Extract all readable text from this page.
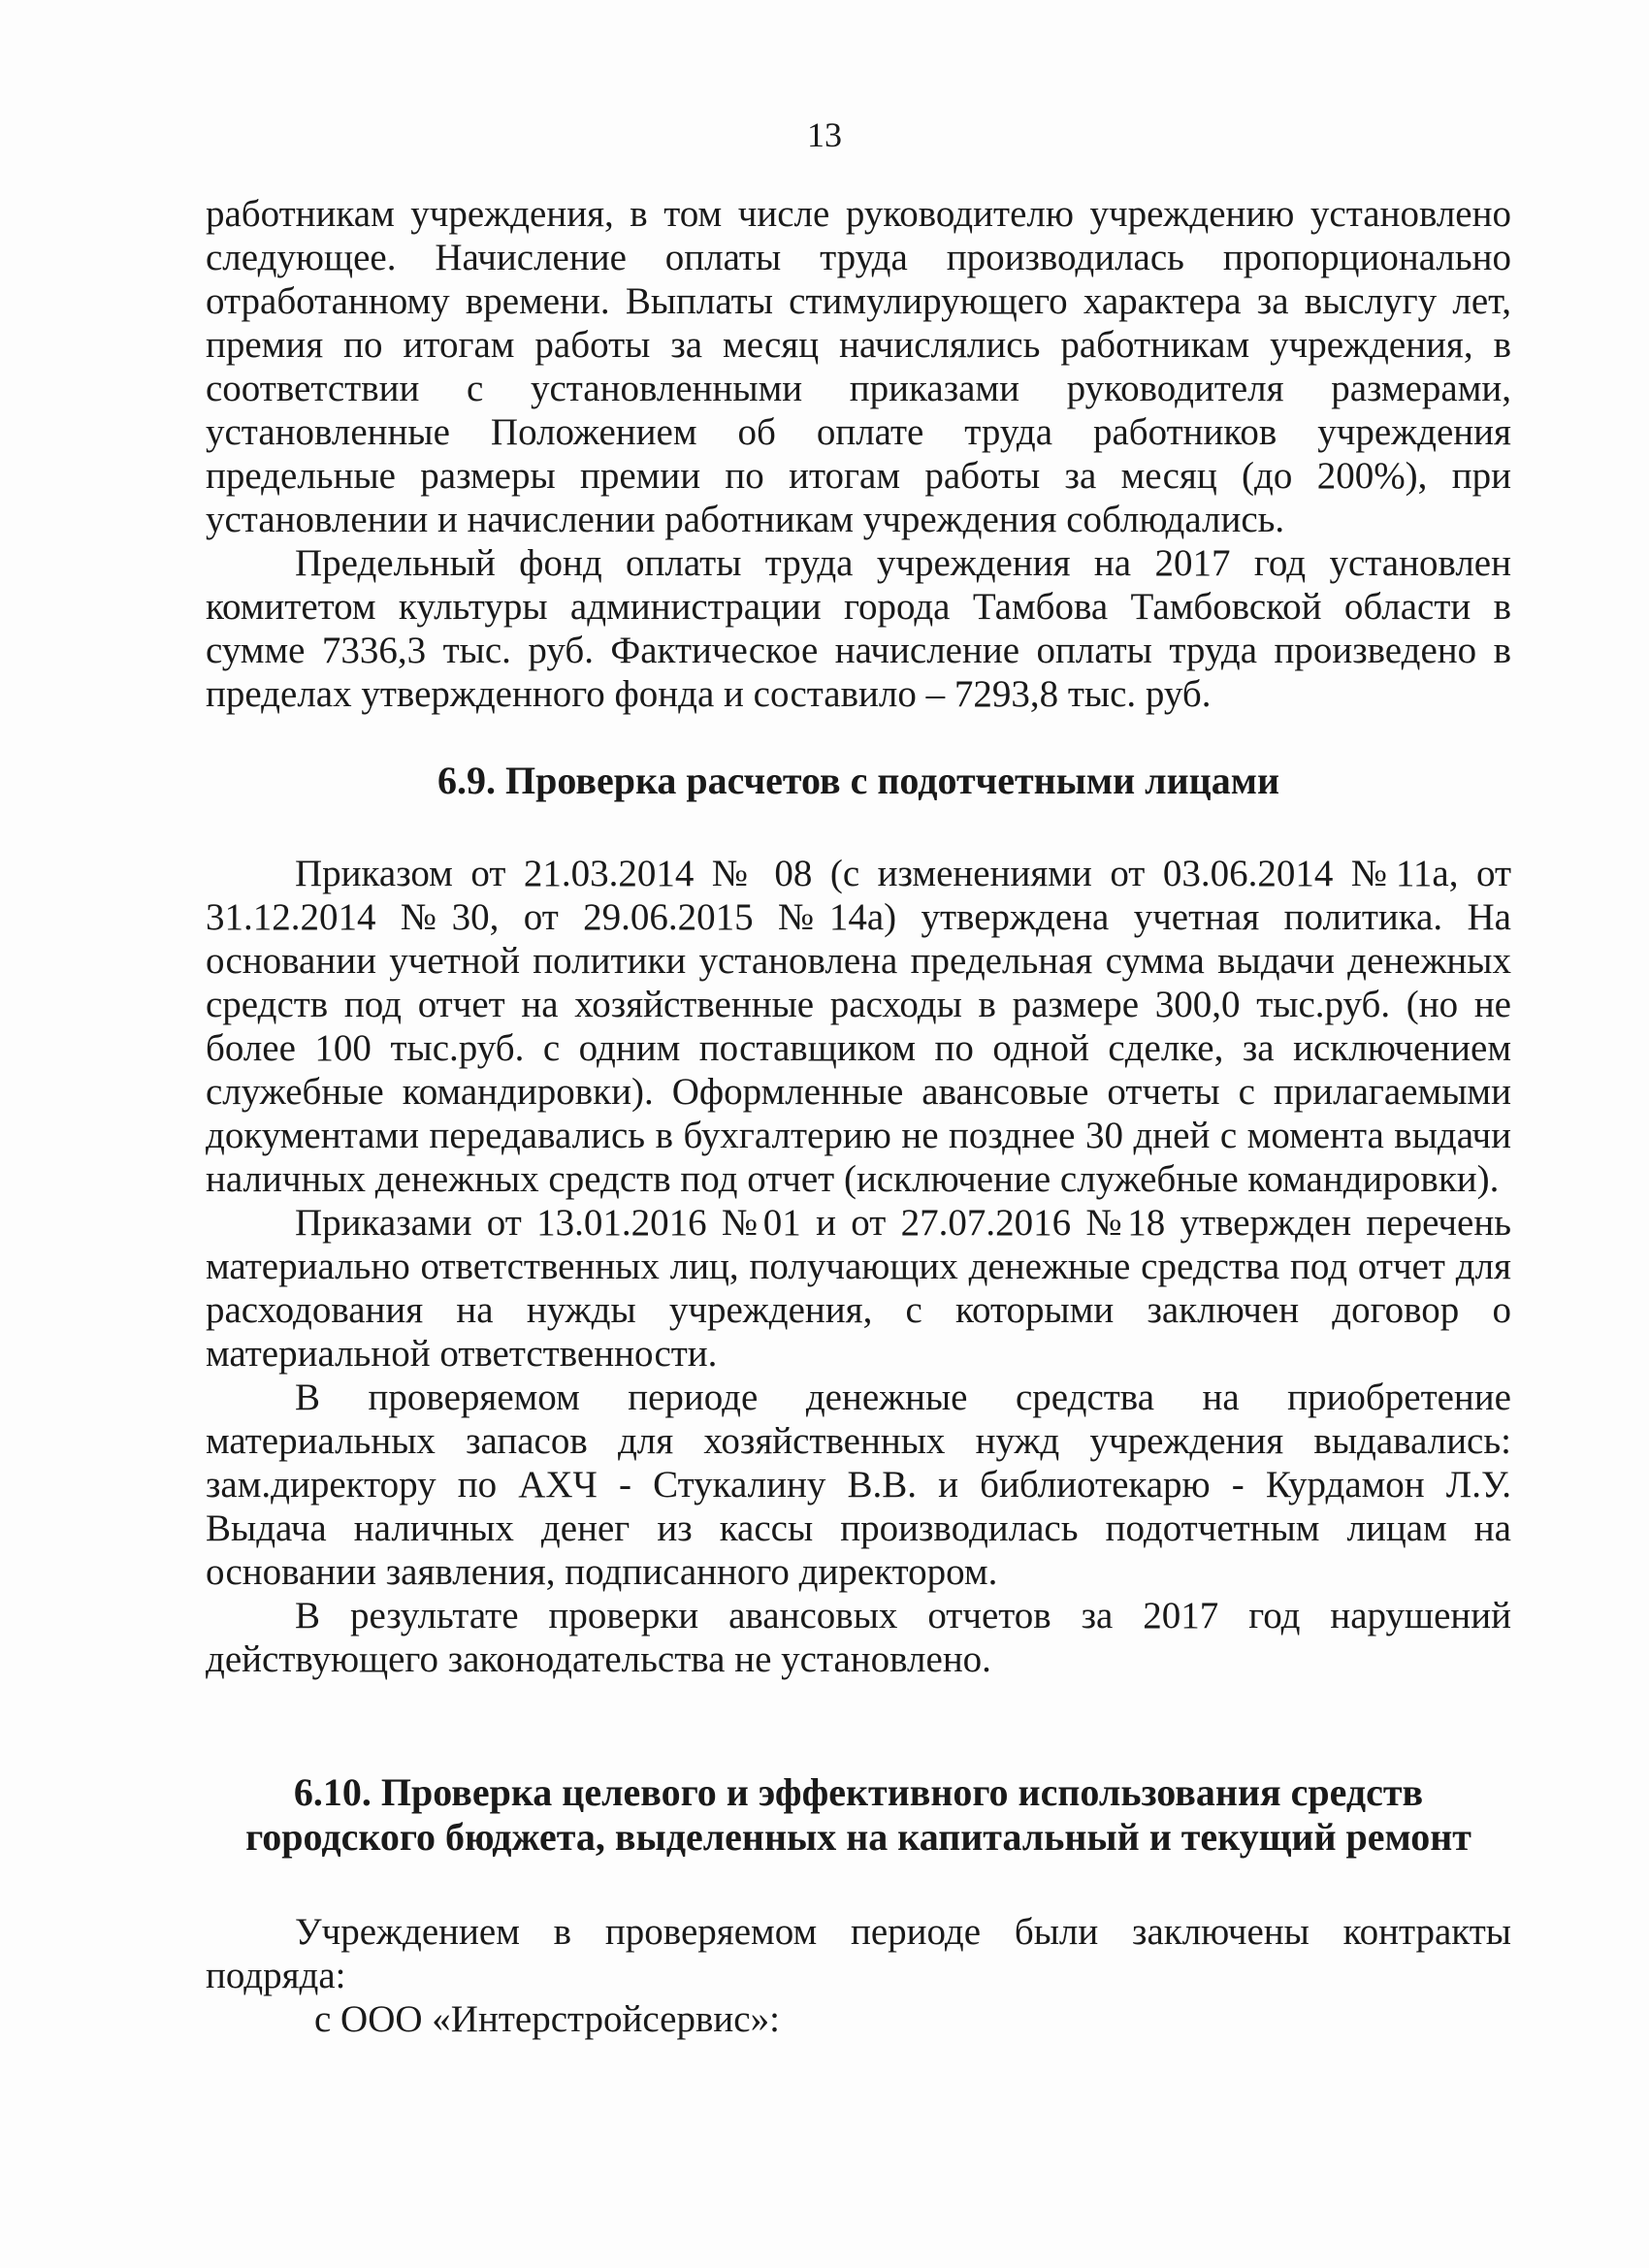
13

работникам учреждения, в том числе руководителю учреждению установлено следующее. Начисление оплаты труда производилась пропорционально отработанному времени. Выплаты стимулирующего характера за выслугу лет, премия по итогам работы за месяц начислялись работникам учреждения, в соответствии с установленными приказами руководителя размерами, установленные Положением об оплате труда работников учреждения предельные размеры премии по итогам работы за месяц (до 200%), при установлении и начислении работникам учреждения соблюдались.

Предельный фонд оплаты труда учреждения на 2017 год установлен комитетом культуры администрации города Тамбова Тамбовской области в сумме 7336,3 тыс. руб. Фактическое начисление оплаты труда произведено в пределах утвержденного фонда и составило – 7293,8 тыс. руб.

6.9. Проверка расчетов с подотчетными лицами

Приказом от 21.03.2014 № 08 (с изменениями от 03.06.2014 №11а, от 31.12.2014 №30, от 29.06.2015 №14а) утверждена учетная политика. На основании учетной политики установлена предельная сумма выдачи денежных средств под отчет на хозяйственные расходы в размере 300,0 тыс.руб. (но не более 100 тыс.руб. с одним поставщиком по одной сделке, за исключением служебные командировки). Оформленные авансовые отчеты с прилагаемыми документами передавались в бухгалтерию не позднее 30 дней с момента выдачи наличных денежных средств под отчет (исключение служебные командировки).

Приказами от 13.01.2016 №01 и от 27.07.2016 №18 утвержден перечень материально ответственных лиц, получающих денежные средства под отчет для расходования на нужды учреждения, с которыми заключен договор о материальной ответственности.

В проверяемом периоде денежные средства на приобретение материальных запасов для хозяйственных нужд учреждения выдавались: зам.директору по АХЧ - Стукалину В.В. и библиотекарю - Курдамон Л.У. Выдача наличных денег из кассы производилась подотчетным лицам на основании заявления, подписанного директором.

В результате проверки авансовых отчетов за 2017 год нарушений действующего законодательства не установлено.

6.10. Проверка целевого и эффективного использования средств
городского бюджета, выделенных на капитальный и текущий ремонт

Учреждением в проверяемом периоде были заключены контракты подряда:

с ООО «Интерстройсервис»:
